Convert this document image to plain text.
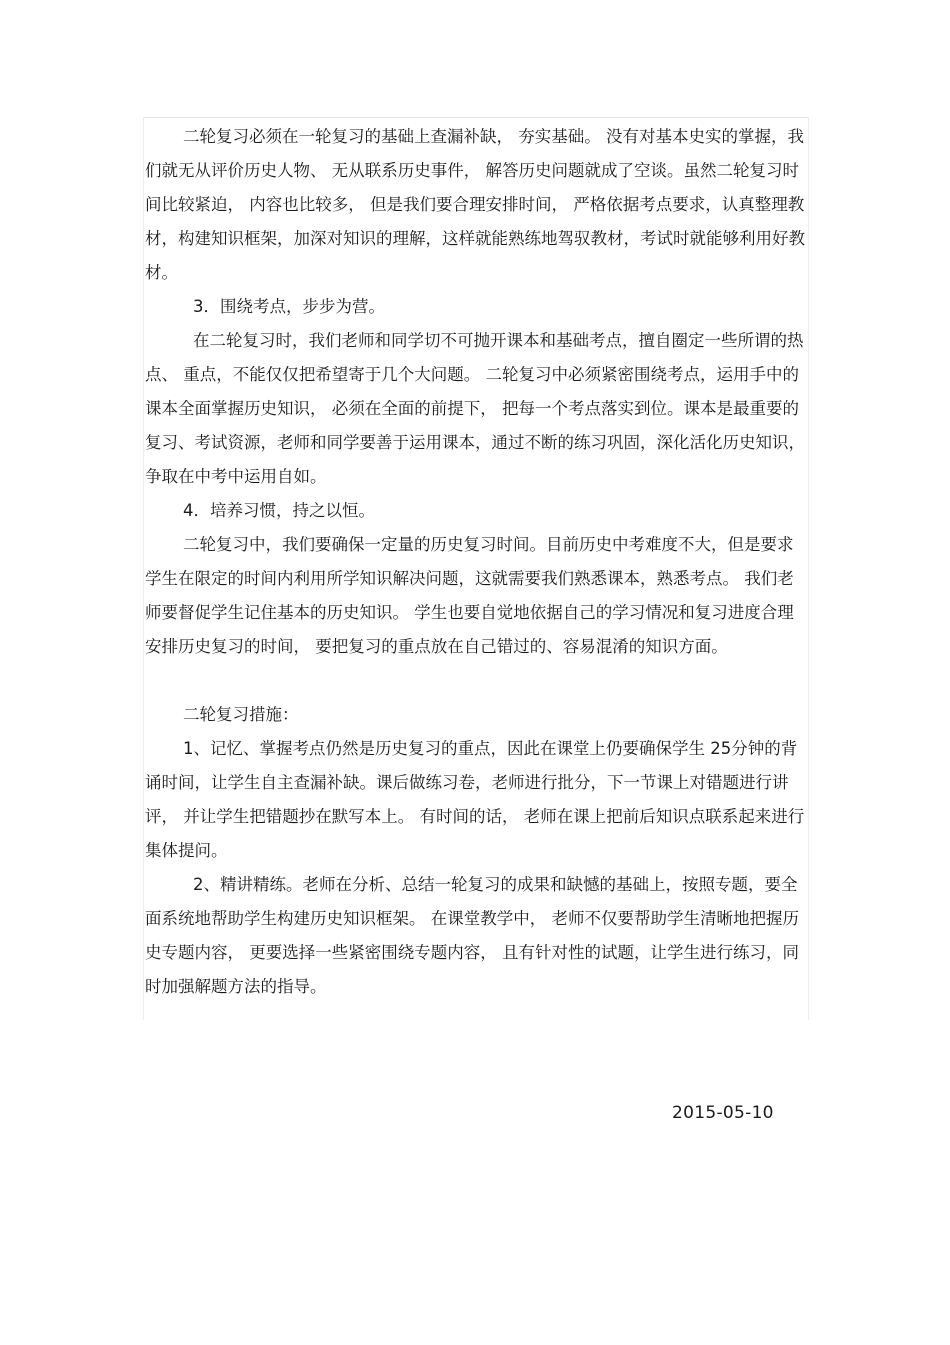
二轮复习必须在一轮复习的基础上查漏补缺， 夯实基础。 没有对基本史实的掌握，我们就无从评价历史人物、 无从联系历史事件， 解答历史问题就成了空谈。虽然二轮复习时间比较紧迫， 内容也比较多， 但是我们要合理安排时间， 严格依据考点要求，认真整理教材，构建知识框架，加深对知识的理解，这样就能熟练地驾驭教材，考试时就能够利用好教材。

3．围绕考点，步步为营。

在二轮复习时，我们老师和同学切不可抛开课本和基础考点，擅自圈定一些所谓的热点、 重点，不能仅仅把希望寄于几个大问题。 二轮复习中必须紧密围绕考点，运用手中的课本全面掌握历史知识， 必须在全面的前提下， 把每一个考点落实到位。课本是最重要的复习、考试资源，老师和同学要善于运用课本，通过不断的练习巩固，深化活化历史知识，争取在中考中运用自如。

4．培养习惯，持之以恒。

二轮复习中，我们要确保一定量的历史复习时间。目前历史中考难度不大，但是要求学生在限定的时间内利用所学知识解决问题，这就需要我们熟悉课本，熟悉考点。 我们老师要督促学生记住基本的历史知识。 学生也要自觉地依据自己的学习情况和复习进度合理安排历史复习的时间， 要把复习的重点放在自己错过的、容易混淆的知识方面。

二轮复习措施：

1、记忆、掌握考点仍然是历史复习的重点，因此在课堂上仍要确保学生 25分钟的背诵时间，让学生自主查漏补缺。课后做练习卷，老师进行批分，下一节课上对错题进行讲评， 并让学生把错题抄在默写本上。 有时间的话， 老师在课上把前后知识点联系起来进行集体提问。

2、精讲精练。老师在分析、总结一轮复习的成果和缺憾的基础上，按照专题，要全面系统地帮助学生构建历史知识框架。 在课堂教学中， 老师不仅要帮助学生清晰地把握历史专题内容， 更要选择一些紧密围绕专题内容， 且有针对性的试题，让学生进行练习，同时加强解题方法的指导。

2015-05-10
